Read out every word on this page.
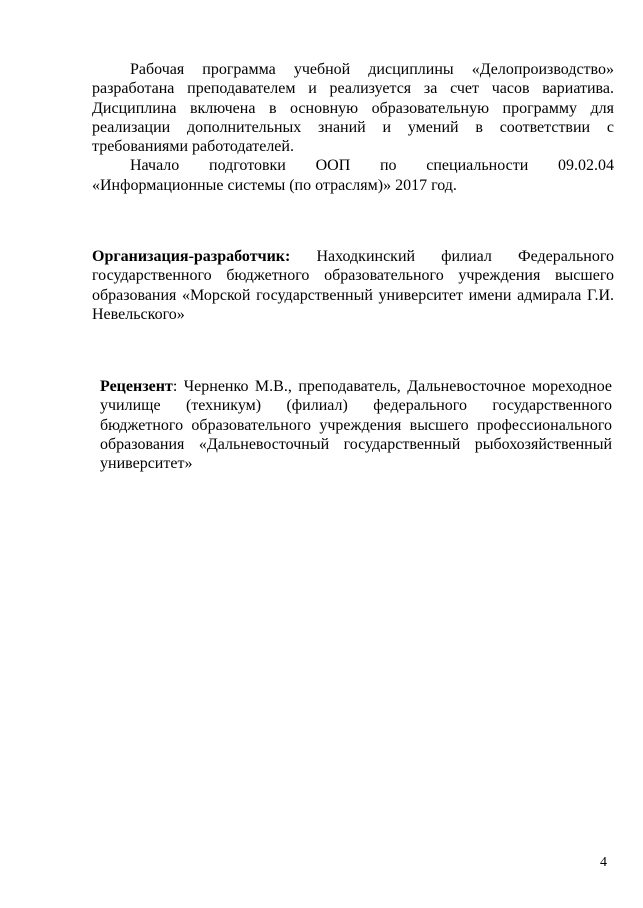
Рабочая программа учебной дисциплины «Делопроизводство» разработана преподавателем и реализуется за счет часов вариатива. Дисциплина включена в основную образовательную программу для реализации дополнительных знаний и умений в соответствии с требованиями работодателей.

Начало подготовки ООП по специальности 09.02.04 «Информационные системы (по отраслям)» 2017 год.

Организация-разработчик: Находкинский филиал Федерального государственного бюджетного образовательного учреждения высшего образования «Морской государственный университет имени адмирала Г.И. Невельского»

Рецензент: Черненко М.В., преподаватель, Дальневосточное мореходное училище (техникум) (филиал) федерального государственного бюджетного образовательного учреждения высшего профессионального образования «Дальневосточный государственный рыбохозяйственный университет»

4
